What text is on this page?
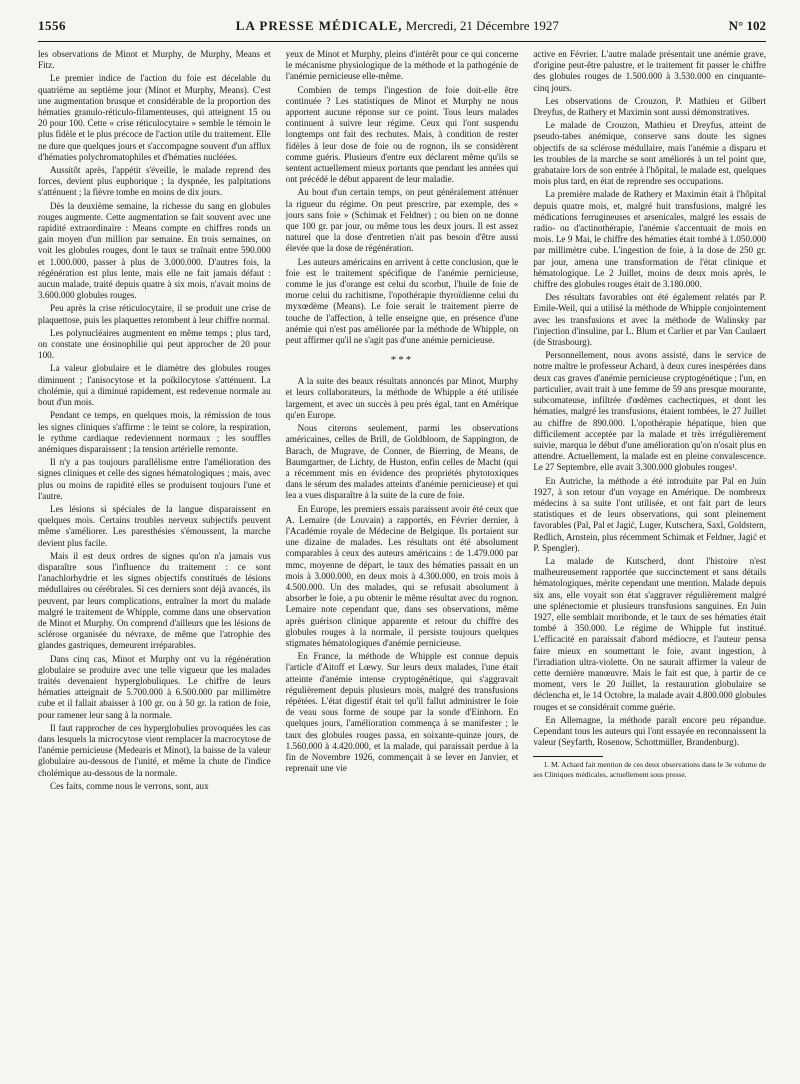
1556	LA PRESSE MÉDICALE, Mercredi, 21 Décembre 1927	N° 102

les observations de Minot et Murphy, de Murphy, Means et Fitz.

Le premier indice de l'action du foie est décelable du quatrième au septième jour (Minot et Murphy, Means). C'est une augmentation brusque et considérable de la proportion des hématies granulo-réticulo-filamenteuses, qui atteignent 15 ou 20 pour 100. Cette « crise réticulocytaire » semble le témoin le plus fidèle et le plus précoce de l'action utile du traitement. Elle ne dure que quelques jours et s'accompagne souvent d'un afflux d'hématies polychromatophiles et d'hématies nucléées.

Aussitôt après, l'appétit s'éveille, le malade reprend des forces, devient plus euphorique ; la dyspnée, les palpitations s'atténuent ; la fièvre tombe en moins de dix jours.

Dès la deuxième semaine, la richesse du sang en globules rouges augmente. Cette augmentation se fait souvent avec une rapidité extraordinaire : Means compte en chiffres ronds un gain moyen d'un million par semaine. En trois semaines, on voit les globules rouges, dont le taux se traînait entre 590.000 et 1.000.000, passer à plus de 3.000.000. D'autres fois, la régénération est plus lente, mais elle ne fait jamais défaut : aucun malade, traité depuis quatre à six mois, n'avait moins de 3.600.000 globules rouges.

Peu après la crise réticulocytaire, il se produit une crise de plaquettose, puis les plaquettes retombent à leur chiffre normal.

Les polynucléaires augmentent en même temps ; plus tard, on constate une éosinophilie qui peut approcher de 20 pour 100.

La valeur globulaire et le diamètre des globules rouges diminuent ; l'anisocytose et la poïkilocytose s'atténuent. La cholémie, qui a diminué rapidement, est redevenue normale au bout d'un mois.

Pendant ce temps, en quelques mois, la rémission de tous les signes cliniques s'affirme : le teint se colore, la respiration, le rythme cardiaque redeviennent normaux ; les souffles anémiques disparaissent ; la tension artérielle remonte.

Il n'y a pas toujours parallélisme entre l'amélioration des signes cliniques et celle des signes hématologiques ; mais, avec plus ou moins de rapidité elles se produisent toujours l'une et l'autre.

Les lésions si spéciales de la langue disparaissent en quelques mois. Certains troubles nerveux subjectifs peuvent même s'améliorer. Les paresthésies s'émoussent, la marche devient plus facile.

Mais il est deux ordres de signes qu'on n'a jamais vus disparaître sous l'influence du traitement : ce sont l'anachlorhydrie et les signes objectifs constitués de lésions médullaires ou cérébrales. Si ces derniers sont déjà avancés, ils peuvent, par leurs complications, entraîner la mort du malade malgré le traitement de Whipple, comme dans une observation de Minot et Murphy. On comprend d'ailleurs que les lésions de sclérose organisée du névraxe, de même que l'atrophie des glandes gastriques, demeurent irréparables.

Dans cinq cas, Minot et Murphy ont vu la régénération globulaire se produire avec une telle vigueur que les malades traités devenaient hyperglobuliques. Le chiffre de leurs hématies atteignait de 5.700.000 à 6.500.000 par millimètre cube et il fallait abaisser à 100 gr. ou à 50 gr. la ration de foie, pour ramener leur sang à la normale.

Il faut rapprocher de ces hyperglobulies provoquées les cas dans lesquels la microcytose vient remplacer la macrocytose de l'anémie pernicieuse (Medearis et Minot), la baisse de la valeur globulaire au-dessous de l'unité, et même la chute de l'indice cholémique au-dessous de la normale.

Ces faits, comme nous le verrons, sont, aux

yeux de Minot et Murphy, pleins d'intérêt pour ce qui concerne le mécanisme physiologique de la méthode et la pathogénie de l'anémie pernicieuse elle-même.

Combien de temps l'ingestion de foie doit-elle être continuée ? Les statistiques de Minot et Murphy ne nous apportent aucune réponse sur ce point. Tous leurs malades continuent à suivre leur régime. Ceux qui l'ont suspendu longtemps ont fait des rechutes. Mais, à condition de rester fidèles à leur dose de foie ou de rognon, ils se considèrent comme guéris. Plusieurs d'entre eux déclarent même qu'ils se sentent actuellement mieux portants que pendant les années qui ont précédé le début apparent de leur maladie.

Au bout d'un certain temps, on peut généralement atténuer la rigueur du régime. On peut prescrire, par exemple, des « jours sans foie » (Schimak et Feldner) ; ou bien on ne donne que 100 gr. par jour, ou même tous les deux jours. Il est assez naturel que la dose d'entretien n'ait pas besoin d'être aussi élevée que la dose de régénération.

Les auteurs américains en arrivent à cette conclusion, que le foie est le traitement spécifique de l'anémie pernicieuse, comme le jus d'orange est celui du scorbut, l'huile de foie de morue celui du rachitisme, l'opothérapie thyroïdienne celui du myxœdème (Means). Le foie serait le traitement pierre de touche de l'affection, à telle enseigne que, en présence d'une anémie qui n'est pas améliorée par la méthode de Whipple, on peut affirmer qu'il ne s'agit pas d'une anémie pernicieuse.

***

A la suite des beaux résultats annoncés par Minot, Murphy et leurs collaborateurs, la méthode de Whipple a été utilisée largement, et avec un succès à peu près égal, tant en Amérique qu'en Europe.

Nous citerons seulement, parmi les observations américaines, celles de Brill, de Goldbloom, de Sappington, de Barach, de Mugrave, de Conner, de Bierring, de Means, de Baumgartner, de Lichty, de Huston, enfin celles de Macht (qui a récemment mis en évidence des propriétés phytotoxiques dans le sérum des malades atteints d'anémie pernicieuse) et qui lea a vues disparaître à la suite de la cure de foie.

En Europe, les premiers essais paraissent avoir été ceux que A. Lemaire (de Louvain) a rapportés, en Février dernier, à l'Académie royale de Médecine de Belgique. Ils portaient sur une dizaine de malades. Les résultats ont été absolument comparables à ceux des auteurs américains : de 1.479.000 par mmc, moyenne de départ, le taux des hématies passait en un mois à 3.000.000, en deux mois à 4.300.000, en trois mois à 4.500.000. Un des malades, qui se refusait absolument à absorber le foie, a pu obtenir le même résultat avec du rognon. Lemaire note cependant que, dans ses observations, même après guérison clinique apparente et retour du chiffre des globules rouges à la normale, il persiste toujours quelques stigmates hématologiques d'anémie pernicieuse.

En France, la méthode de Whipple est connue depuis l'article d'Aitoff et Lœwy. Sur leurs deux malades, l'une était atteinte d'anémie intense cryptogénétique, qui s'aggravait régulièrement depuis plusieurs mois, malgré des transfusions répétées. L'état digestif était tel qu'il fallut administrer le foie de veau sous forme de soupe par la sonde d'Einhorn. En quelques jours, l'amélioration commença à se manifester ; le taux des globules rouges passa, en soixante-quinze jours, de 1.560.000 à 4.420.000, et la malade, qui paraissait perdue à la fin de Novembre 1926, commençait à se lever en Janvier, et reprenait une vie

active en Février. L'autre malade présentait une anémie grave, d'origine peut-être palustre, et le traitement fit passer le chiffre des globules rouges de 1.500.000 à 3.530.000 en cinquante-cinq jours.

Les observations de Crouzon, P. Mathieu et Gilbert Dreyfus, de Rathery et Maximin sont aussi démonstratives.

Le malade de Crouzon, Mathieu et Dreyfus, atteint de pseudo-tabes anémique, conserve sans doute les signes objectifs de sa sclérose médullaire, mais l'anémie a disparu et les troubles de la marche se sont améliorés à un tel point que, grabataire lors de son entrée à l'hôpital, le malade est, quelques mois plus tard, en état de reprendre ses occupations.

La première malade de Rathery et Maximin était à l'hôpital depuis quatre mois, et, malgré huit transfusions, malgré les médications ferrugineuses et arsenicales, malgré les essais de radio- ou d'actinothérapie, l'anémie s'accentuait de mois en mois. Le 9 Mai, le chiffre des hématies était tombé à 1.050.000 par millimètre cube. L'ingestion de foie, à la dose de 250 gr. par jour, amena une transformation de l'état clinique et hématologique. Le 2 Juillet, moins de deux mois après, le chiffre des globules rouges était de 3.180.000.

Des résultats favorables ont été également relatés par P. Emile-Weil, qui a utilisé la méthode de Whipple conjointement avec les transfusions et avec la méthode de Walinsky par l'injection d'insuline, par L. Blum et Carlier et par Van Caulaert (de Strasbourg).

Personnellement, nous avons assisté, dans le service de notre maître le professeur Achard, à deux cures inespérées dans deux cas graves d'anémie pernicieuse cryptogénétique ; l'un, en particulier, avait trait à une femme de 59 ans presque mourante, subcomateuse, infiltrée d'œdèmes cachectiques, et dont les hématies, malgré les transfusions, étaient tombées, le 27 Juillet au chiffre de 890.000. L'opothérapie hépatique, bien que difficilement acceptée par la malade et très irrégulièrement suivie, marqua le début d'une amélioration qu'on n'osait plus en attendre. Actuellement, la malade est en pleine convalescence. Le 27 Septembre, elle avait 3.300.000 globules rouges¹.

En Autriche, la méthode a été introduite par Pal en Juin 1927, à son retour d'un voyage en Amérique. De nombreux médecins à sa suite l'ont utilisée, et ont fait part de leurs statistiques et de leurs observations, qui sont pleinement favorables (Pal, Pal et Jagić, Luger, Kutschera, Saxl, Goldstern, Redlich, Arnstein, plus récemment Schimak et Feldner, Jagić et P. Spengler).

La malade de Kutscherd, dont l'histoire n'est malheureusement rapportée que succinctement et sans détails hématologiques, mérite cependant une mention. Malade depuis six ans, elle voyait son état s'aggraver régulièrement malgré une splénectomie et plusieurs transfusions sanguines. En Juin 1927, elle semblait moribonde, et le taux de ses hématies était tombé à 350.000. Le régime de Whipple fut institué. L'efficacité en paraissait d'abord médiocre, et l'auteur pensa faire mieux en soumettant le foie, avant ingestion, à l'irradiation ultra-violette. On ne saurait affirmer la valeur de cette dernière manœuvre. Mais le fait est que, à partir de ce moment, vers le 20 Juillet, la restauration globulaire se déclencha et, le 14 Octobre, la malade avait 4.800.000 globules rouges et se considérait comme guérie.

En Allemagne, la méthode paraît encore peu répandue. Cependant tous les auteurs qui l'ont essayée en reconnaissent la valeur (Seyfarth, Rosenow, Schottmüller, Brandenburg).

1. M. Achard fait mention de ces deux observations dans le 3e volume de ses Cliniques médicales, actuellement sous presse.
